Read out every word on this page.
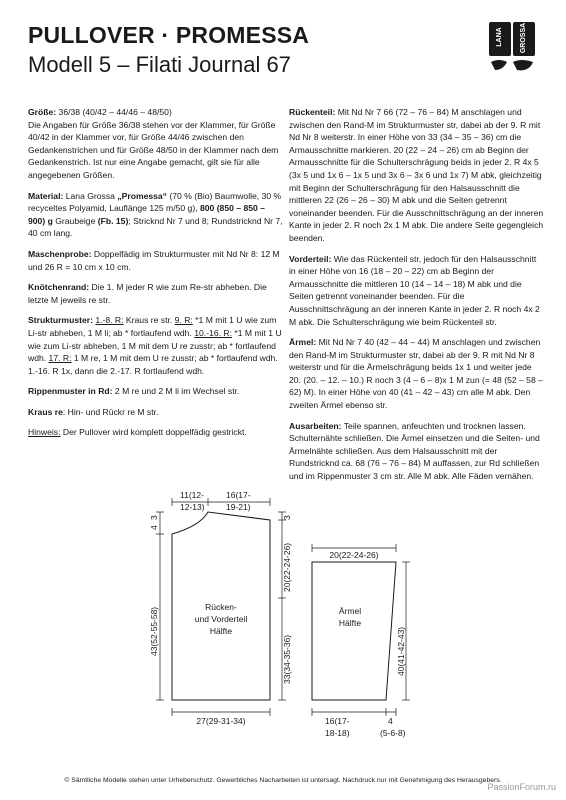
PULLOVER · PROMESSA
Modell 5 – Filati Journal 67
LANA GROSSA

Größe: 36/38 (40/42 – 44/46 – 48/50)
Die Angaben für Größe 36/38 stehen vor der Klammer, für Größe 40/42 in der Klammer vor, für Größe 44/46 zwischen den Gedankenstrichen und für Größe 48/50 in der Klammer nach dem Gedankenstrich. Ist nur eine Angabe gemacht, gilt sie für alle angegebenen Größen.

Material: Lana Grossa „Promessa“ (70 % (Bio) Baumwolle, 30 % recyceltes Polyamid, Lauflänge 125 m/50 g), 800 (850 – 850 – 900) g Graubeige (Fb. 15); Stricknd Nr 7 und 8; Rundstricknd Nr 7, 40 cm lang.

Maschenprobe: Doppelfädig im Strukturmuster mit Nd Nr 8: 12 M und 26 R = 10 cm x 10 cm.

Knötchenrand: Die 1. M jeder R wie zum Re-str abheben. Die letzte M jeweils re str.

Strukturmuster: 1.-8. R: Kraus re str. 9. R: *1 M mit 1 U wie zum Li-str abheben, 1 M li; ab * fortlaufend wdh. 10.-16. R: *1 M mit 1 U wie zum Li-str abheben, 1 M mit dem U re zusstr; ab * fortlaufend wdh. 17. R: 1 M re, 1 M mit dem U re zusstr; ab * fortlaufend wdh. 1.-16. R 1x, dann die 2.-17. R fortlaufend wdh.

Rippenmuster in Rd: 2 M re und 2 M li im Wechsel str.

Kraus re: Hin- und Rückr re M str.

Hinweis: Der Pullover wird komplett doppelfädig gestrickt.

Rückenteil: Mit Nd Nr 7 66 (72 – 76 – 84) M anschlagen und zwischen den Rand-M im Strukturmuster str, dabei ab der 9. R mit Nd Nr 8 weiterstr. In einer Höhe von 33 (34 – 35 – 36) cm die Armausschnitte markieren. 20 (22 – 24 – 26) cm ab Beginn der Armausschnitte für die Schulterschrägung beids in jeder 2. R 4x 5 (3x 5 und 1x 6 – 1x 5 und 3x 6 – 3x 6 und 1x 7) M abk, gleichzeitig mit Beginn der Schulterschrägung für den Halsausschnitt die mittleren 22 (26 – 26 – 30) M abk und die Seiten getrennt voneinander beenden. Für die Ausschnittschrägung an der inneren Kante in jeder 2. R noch 2x 1 M abk. Die andere Seite gegengleich beenden.

Vorderteil: Wie das Rückenteil str, jedoch für den Halsausschnitt in einer Höhe von 16 (18 – 20 – 22) cm ab Beginn der Armausschnitte die mittleren 10 (14 – 14 – 18) M abk und die Seiten getrennt voneinander beenden. Für die Ausschnittschrägung an der inneren Kante in jeder 2. R noch 4x 2 M abk. Die Schulterschrägung wie beim Rückenteil str.

Ärmel: Mit Nd Nr 7 40 (42 – 44 – 44) M anschlagen und zwischen den Rand-M im Strukturmuster str, dabei ab der 9. R mit Nd Nr 8 weiterstr und für die Ärmelschrägung beids 1x 1 und weiter jede 20. (20. – 12. – 10.) R noch 3 (4 – 6 – 8)x 1 M zun (= 48 (52 – 58 – 62) M). In einer Höhe von 40 (41 – 42 – 43) cm alle M abk. Den zweiten Ärmel ebenso str.

Ausarbeiten: Teile spannen, anfeuchten und trocknen lassen. Schulternähte schließen. Die Ärmel einsetzen und die Seiten- und Ärmelnähte schließen. Aus dem Halsausschnitt mit der Rundstricknd ca. 68 (76 – 76 – 84) M auffassen, zur Rd schließen und im Rippenmuster 3 cm str. Alle M abk. Alle Fäden vernähen.

11(12-
12-13)
16(17-
19-21)
4
3
43(52-55-58)
3
20(22-24-26)
33(34-35-36)
Rücken-
und Vorderteil
Hälfte
27(29-31-34)
20(22-24-26)
Ärmel
Hälfte
40(41-42-43)
16(17-
18-18)
4
(5-6-8)
© Sämtliche Modelle stehen unter Urheberschutz. Gewerbliches Nacharbeiten ist untersagt. Nachdruck nur mit Genehmigung des Herausgebers.
PassionForum.ru
